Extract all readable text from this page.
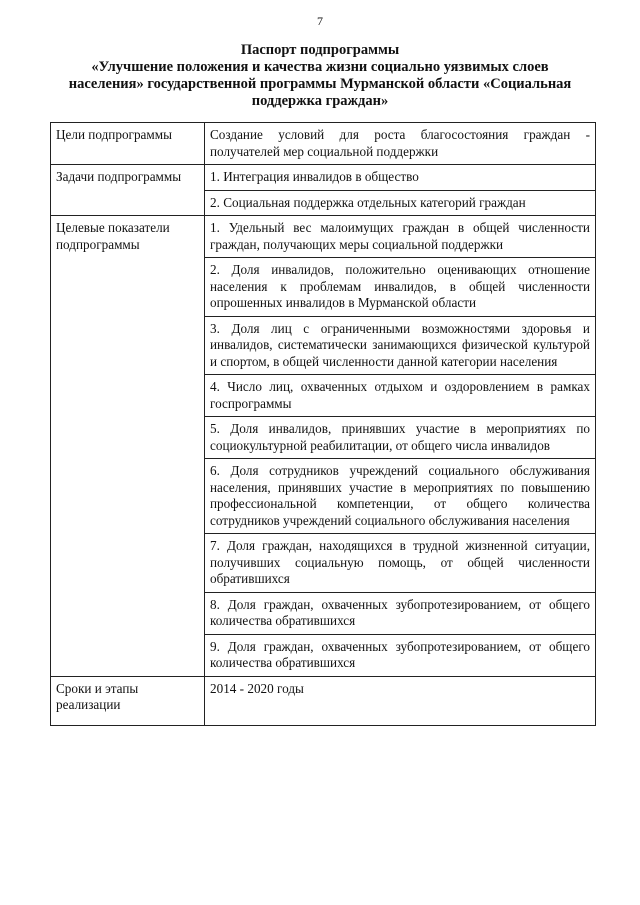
7
Паспорт подпрограммы
«Улучшение положения и качества жизни социально уязвимых слоев
населения» государственной программы Мурманской области «Социальная
поддержка граждан»
Цели подпрограммы	Создание условий для роста благосостояния граждан - получателей мер социальной поддержки
Задачи подпрограммы	1. Интеграция инвалидов в общество
	2. Социальная поддержка отдельных категорий граждан
Целевые показатели подпрограммы	1. Удельный вес малоимущих граждан в общей численности граждан, получающих меры социальной поддержки
	2. Доля инвалидов, положительно оценивающих отношение населения к проблемам инвалидов, в общей численности опрошенных инвалидов в Мурманской области
	3. Доля лиц с ограниченными возможностями здоровья и инвалидов, систематически занимающихся физической культурой и спортом, в общей численности данной категории населения
	4. Число лиц, охваченных отдыхом и оздоровлением в рамках госпрограммы
	5. Доля инвалидов, принявших участие в мероприятиях по социокультурной реабилитации, от общего числа инвалидов
	6. Доля сотрудников учреждений социального обслуживания населения, принявших участие в мероприятиях по повышению профессиональной компетенции, от общего количества сотрудников учреждений социального обслуживания населения
	7. Доля граждан, находящихся в трудной жизненной ситуации, получивших социальную помощь, от общей численности обратившихся
	8. Доля граждан, охваченных зубопротезированием, от общего количества обратившихся
	9. Доля граждан, охваченных зубопротезированием, от общего количества обратившихся
Сроки и этапы реализации	2014 - 2020 годы
